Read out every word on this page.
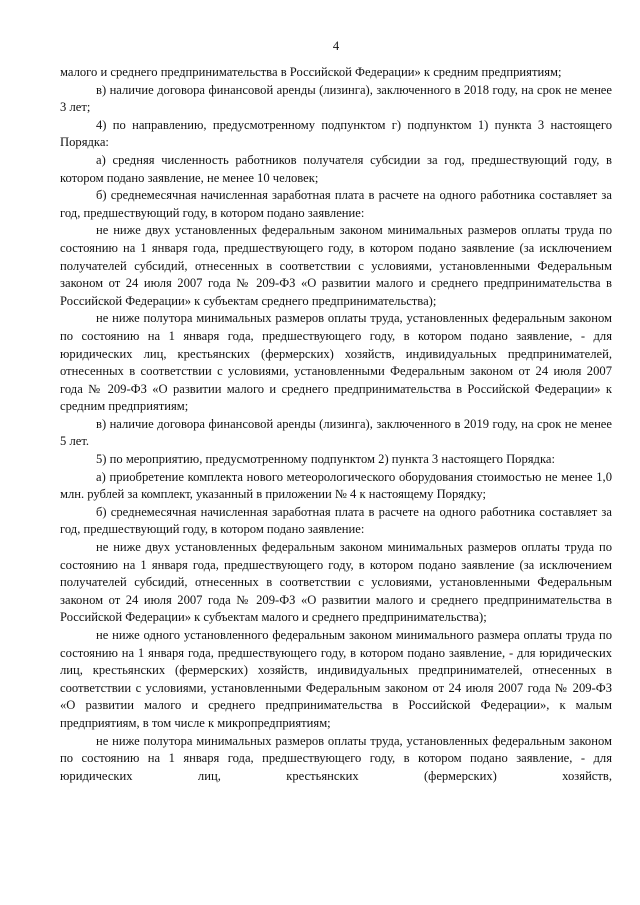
4

малого и среднего предпринимательства в Российской Федерации» к средним предприятиям;

в) наличие договора финансовой аренды (лизинга), заключенного в 2018 году, на срок не менее 3 лет;

4) по направлению, предусмотренному подпунктом г) подпунктом 1) пункта 3 настоящего Порядка:

а) средняя численность работников получателя субсидии за год, предшествующий году, в котором подано заявление, не менее 10 человек;

б) среднемесячная начисленная заработная плата в расчете на одного работника составляет за год, предшествующий году, в котором подано заявление:

не ниже двух установленных федеральным законом минимальных размеров оплаты труда по состоянию на 1 января года, предшествующего году, в котором подано заявление (за исключением получателей субсидий, отнесенных в соответствии с условиями, установленными Федеральным законом от 24 июля 2007 года № 209-ФЗ «О развитии малого и среднего предпринимательства в Российской Федерации» к субъектам среднего предпринимательства);

не ниже полутора минимальных размеров оплаты труда, установленных федеральным законом по состоянию на 1 января года, предшествующего году, в котором подано заявление, - для юридических лиц, крестьянских (фермерских) хозяйств, индивидуальных предпринимателей, отнесенных в соответствии с условиями, установленными Федеральным законом от 24 июля 2007 года № 209-ФЗ «О развитии малого и среднего предпринимательства в Российской Федерации» к средним предприятиям;

в) наличие договора финансовой аренды (лизинга), заключенного в 2019 году, на срок не менее 5 лет.

5) по мероприятию, предусмотренному подпунктом 2) пункта 3 настоящего Порядка:

а) приобретение комплекта нового метеорологического оборудования стоимостью не менее 1,0 млн. рублей за комплект, указанный в приложении № 4 к настоящему Порядку;

б) среднемесячная начисленная заработная плата в расчете на одного работника составляет за год, предшествующий году, в котором подано заявление:

не ниже двух установленных федеральным законом минимальных размеров оплаты труда по состоянию на 1 января года, предшествующего году, в котором подано заявление (за исключением получателей субсидий, отнесенных в соответствии с условиями, установленными Федеральным законом от 24 июля 2007 года № 209-ФЗ «О развитии малого и среднего предпринимательства в Российской Федерации» к субъектам малого и среднего предпринимательства);

не ниже одного установленного федеральным законом минимального размера оплаты труда по состоянию на 1 января года, предшествующего году, в котором подано заявление, - для юридических лиц, крестьянских (фермерских) хозяйств, индивидуальных предпринимателей, отнесенных в соответствии с условиями, установленными Федеральным законом от 24 июля 2007 года № 209-ФЗ «О развитии малого и среднего предпринимательства в Российской Федерации», к малым предприятиям, в том числе к микропредприятиям;

не ниже полутора минимальных размеров оплаты труда, установленных федеральным законом по состоянию на 1 января года, предшествующего году, в котором подано заявление, - для юридических лиц, крестьянских (фермерских) хозяйств,
